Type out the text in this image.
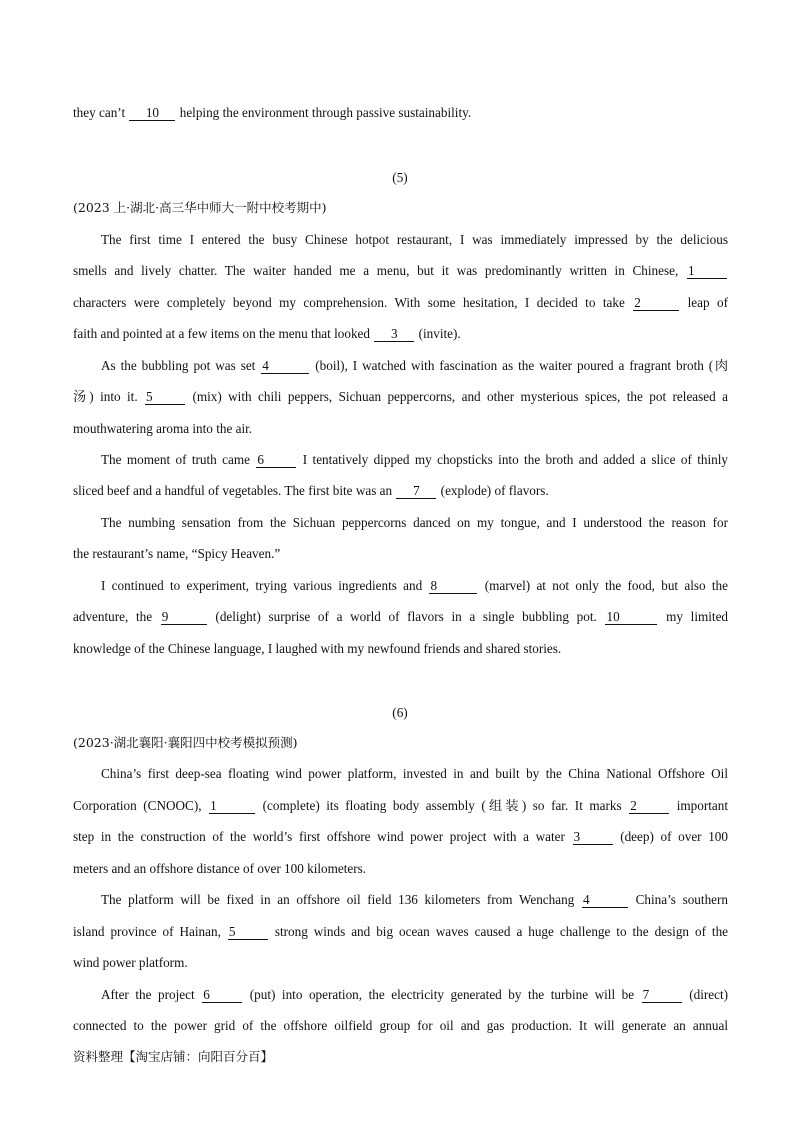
they can’t 10 helping the environment through passive sustainability.
(5)
(2023 上·湖北·高三华中师大一附中校考期中)
The first time I entered the busy Chinese hotpot restaurant, I was immediately impressed by the delicious
smells and lively chatter. The waiter handed me a menu, but it was predominantly written in Chinese, 1
characters were completely beyond my comprehension. With some hesitation, I decided to take 2	leap of
faith and pointed at a few items on the menu that looked 3 (invite).
As the bubbling pot was set 4	(boil), I watched with fascination as the waiter poured a fragrant broth (肉
汤) into it. 5	(mix) with chili peppers, Sichuan peppercorns, and other mysterious spices, the pot released a
mouthwatering aroma into the air.
The moment of truth came 6	I tentatively dipped my chopsticks into the broth and added a slice of thinly
sliced beef and a handful of vegetables. The first bite was an 7 (explode) of flavors.
The numbing sensation from the Sichuan peppercorns danced on my tongue, and I understood the reason for
the restaurant’s name, “Spicy Heaven.”
I continued to experiment, trying various ingredients and 8	(marvel) at not only the food, but also the
adventure, the 9	(delight) surprise of a world of flavors in a single bubbling pot. 10	my limited
knowledge of the Chinese language, I laughed with my newfound friends and shared stories.
(6)
(2023·湖北襄阳·襄阳四中校考模拟预测)
China’s first deep-sea floating wind power platform, invested in and built by the China National Offshore Oil
Corporation (CNOOC), 1	(complete) its floating body assembly (组装) so far. It marks 2	important
step in the construction of the world’s first offshore wind power project with a water 3	(deep) of over 100
meters and an offshore distance of over 100 kilometers.
The platform will be fixed in an offshore oil field 136 kilometers from Wenchang 4	China’s southern
island province of Hainan, 5	strong winds and big ocean waves caused a huge challenge to the design of the
wind power platform.
After the project 6	(put) into operation, the electricity generated by the turbine will be 7	(direct)
connected to the power grid of the offshore oilfield group for oil and gas production. It will generate an annual
资料整理【淘宝店铺：向阳百分百】
